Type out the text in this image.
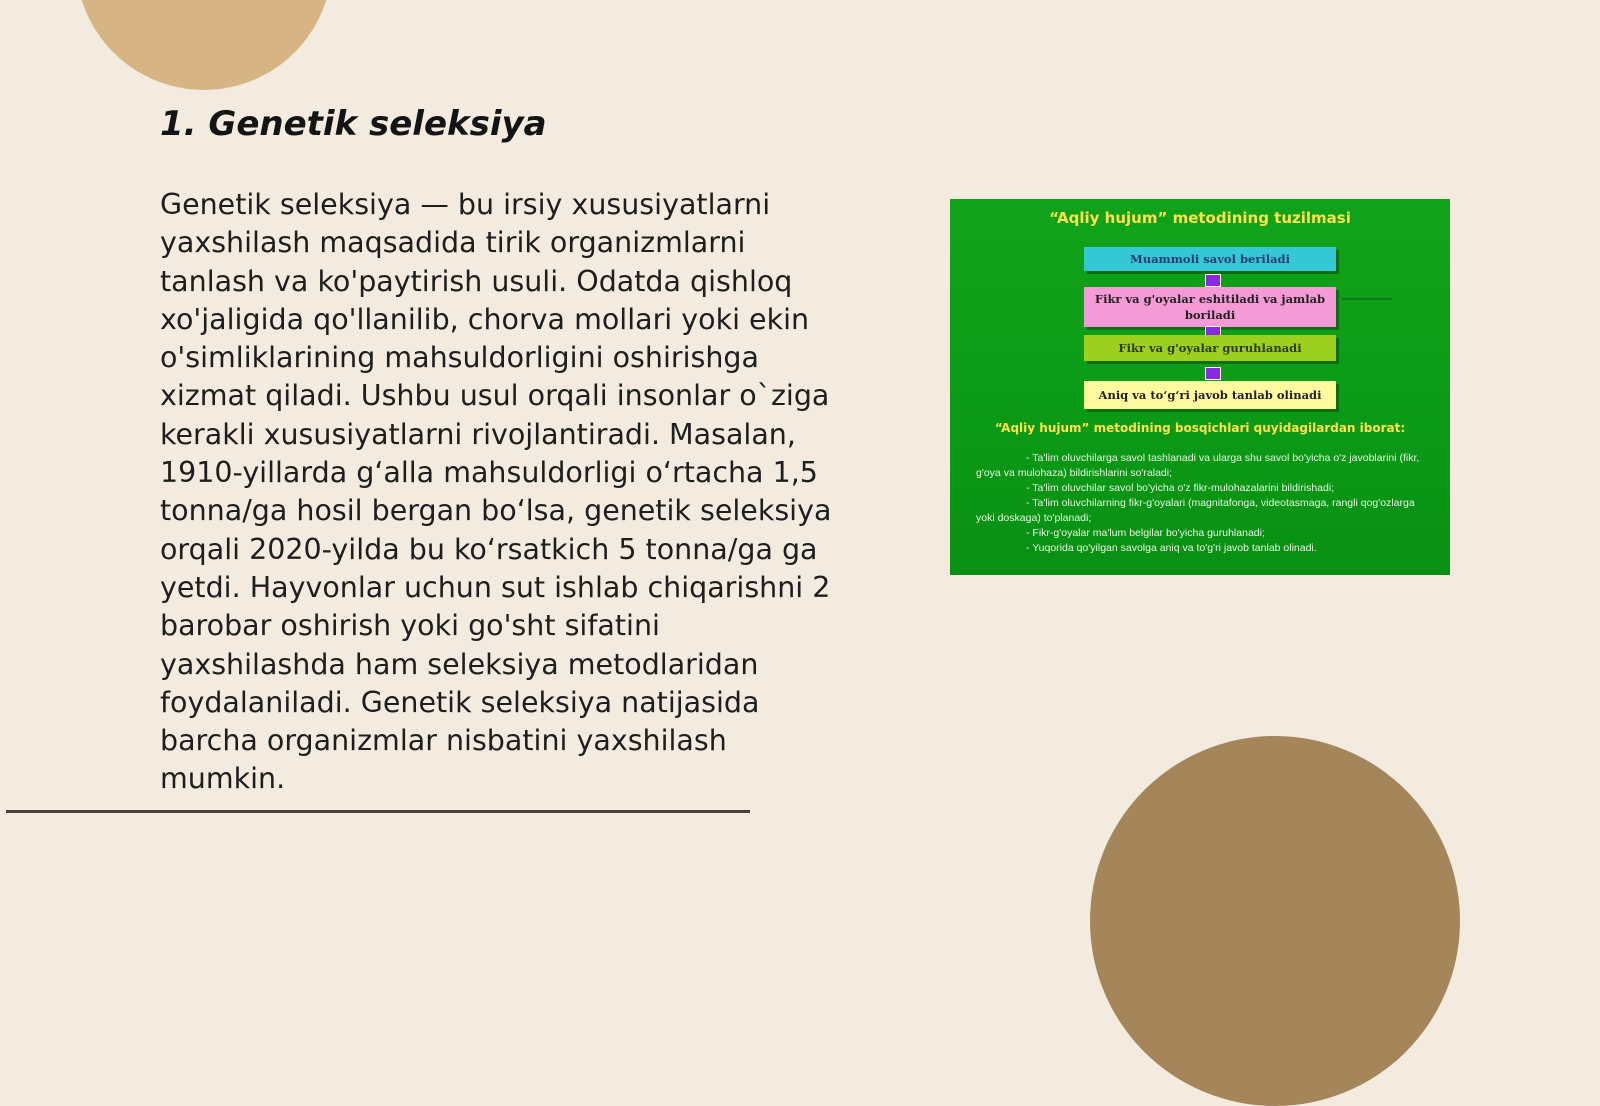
1. Genetik seleksiya

Genetik seleksiya — bu irsiy xususiyatlarni yaxshilash maqsadida tirik organizmlarni tanlash va ko'paytirish usuli. Odatda qishloq xo'jaligida qo'llanilib, chorva mollari yoki ekin o'simliklarining mahsuldorligini oshirishga xizmat qiladi. Ushbu usul orqali insonlar o`ziga kerakli xususiyatlarni rivojlantiradi. Masalan, 1910-yillarda g‘alla mahsuldorligi o‘rtacha 1,5 tonna/ga hosil bergan bo‘lsa, genetik seleksiya orqali 2020-yilda bu ko‘rsatkich 5 tonna/ga ga yetdi. Hayvonlar uchun sut ishlab chiqarishni 2 barobar oshirish yoki go'sht sifatini yaxshilashda ham seleksiya metodlaridan foydalaniladi. Genetik seleksiya natijasida barcha organizmlar nisbatini yaxshilash mumkin.

“Aqliy hujum” metodining tuzilmasi
Muammoli savol beriladi
Fikr va g'oyalar eshitiladi va jamlab boriladi
Fikr va g'oyalar guruhlanadi
Aniq va to‘g‘ri javob tanlab olinadi
“Aqliy hujum” metodining bosqichlari quyidagilardan iborat:
- Ta'lim oluvchilarga savol tashlanadi va ularga shu savol bo'yicha o'z javoblarini (fikr, g'oya va mulohaza) bildirishlarini so'raladi;
- Ta'lim oluvchilar savol bo'yicha o'z fikr-mulohazalarini bildirishadi;
- Ta'lim oluvchilarning fikr-g'oyalari (magnitafonga, videotasmaga, rangli qog'ozlarga yoki doskaga) to'planadi;
- Fikr-g'oyalar ma'lum belgilar bo'yicha guruhlanadi;
- Yuqorida qo'yilgan savolga aniq va to'g'ri javob tanlab olinadi.
